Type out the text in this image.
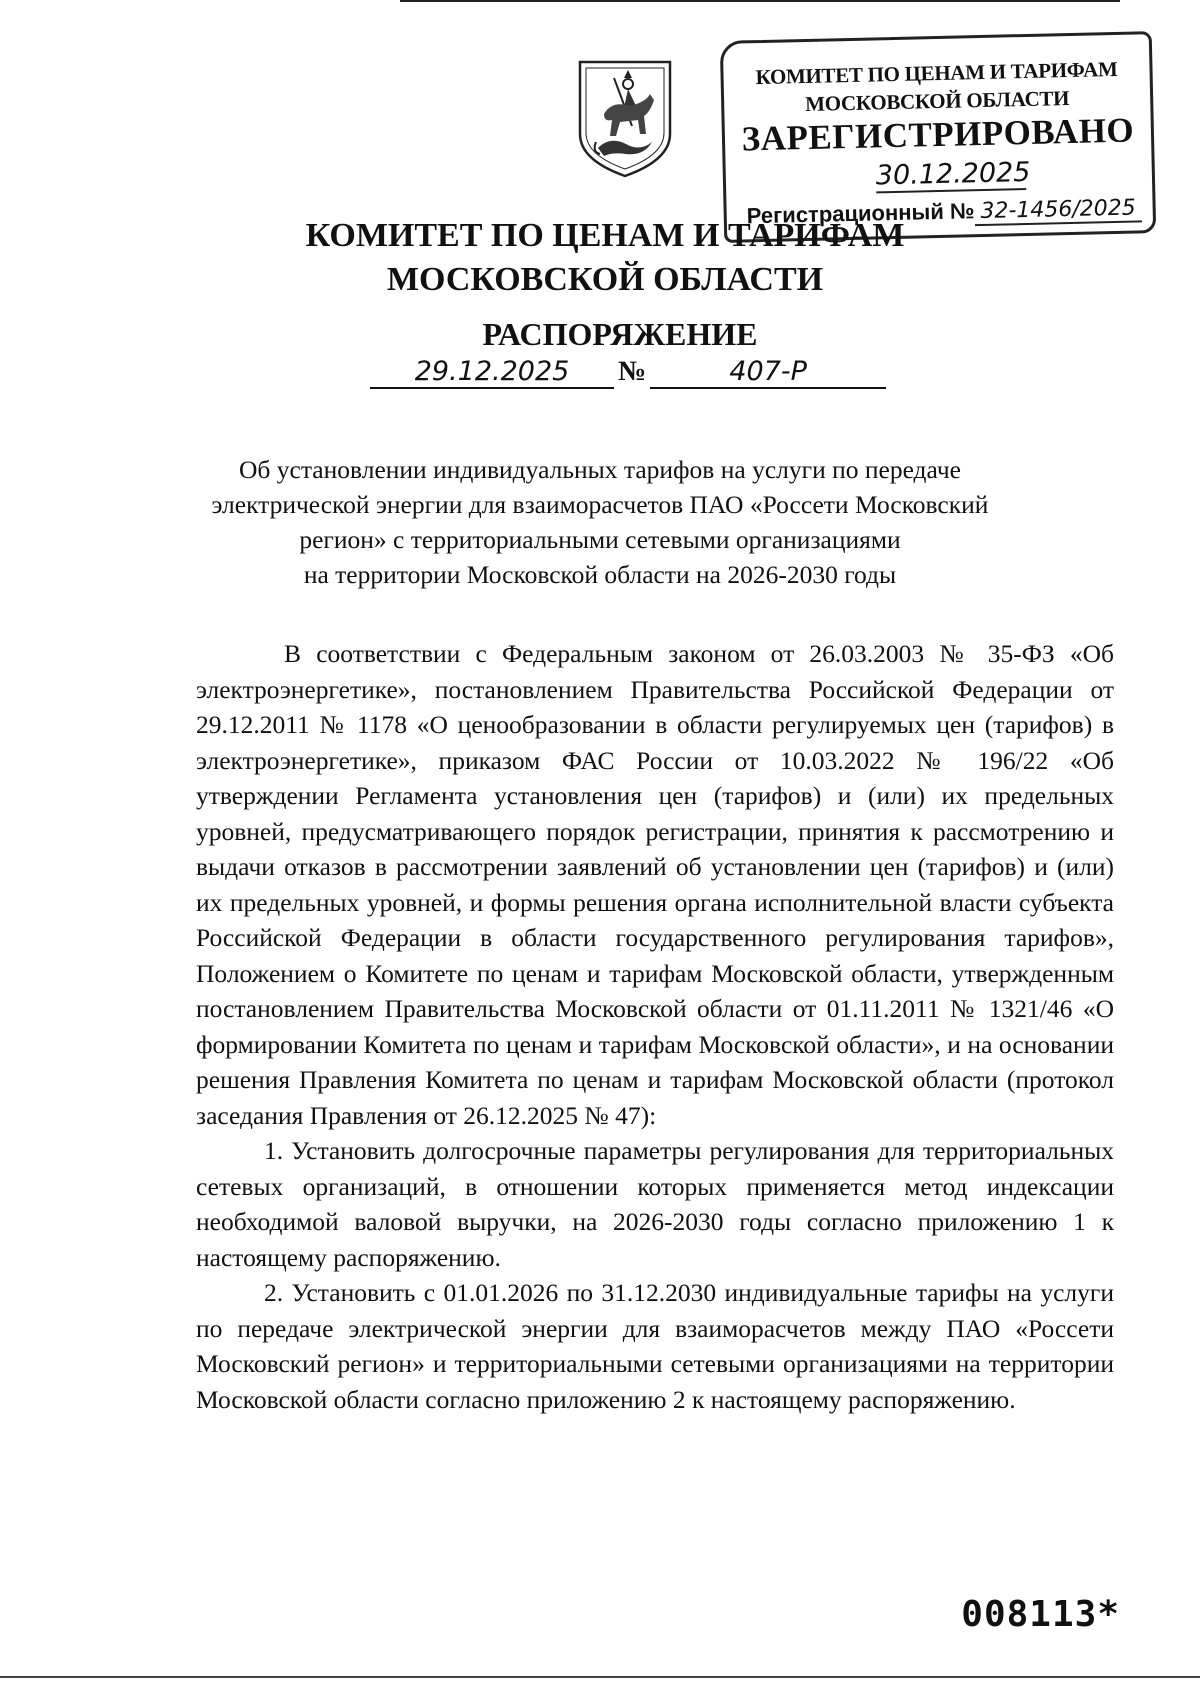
КОМИТЕТ ПО ЦЕНАМ И ТАРИФАМ
МОСКОВСКОЙ ОБЛАСТИ
ЗАРЕГИСТРИРОВАНО
30.12.2025
Регистрационный № 32-1456/2025
КОМИТЕТ ПО ЦЕНАМ И ТАРИФАМ
МОСКОВСКОЙ ОБЛАСТИ
РАСПОРЯЖЕНИЕ
29.12.2025 №	407-Р
Об установлении индивидуальных тарифов на услуги по передаче
электрической энергии для взаиморасчетов ПАО «Россети Московский
регион» с территориальными сетевыми организациями
на территории Московской области на 2026-2030 годы

В соответствии с Федеральным законом от 26.03.2003 № 35-ФЗ «Об электроэнергетике», постановлением Правительства Российской Федерации от 29.12.2011 № 1178 «О ценообразовании в области регулируемых цен (тарифов) в электроэнергетике», приказом ФАС России от 10.03.2022 № 196/22 «Об утверждении Регламента установления цен (тарифов) и (или) их предельных уровней, предусматривающего порядок регистрации, принятия к рассмотрению и выдачи отказов в рассмотрении заявлений об установлении цен (тарифов) и (или) их предельных уровней, и формы решения органа исполнительной власти субъекта Российской Федерации в области государственного регулирования тарифов», Положением о Комитете по ценам и тарифам Московской области, утвержденным постановлением Правительства Московской области от 01.11.2011 № 1321/46 «О формировании Комитета по ценам и тарифам Московской области», и на основании решения Правления Комитета по ценам и тарифам Московской области (протокол заседания Правления от 26.12.2025 № 47):

1. Установить долгосрочные параметры регулирования для территориальных сетевых организаций, в отношении которых применяется метод индексации необходимой валовой выручки, на 2026-2030 годы согласно приложению 1 к настоящему распоряжению.

2. Установить с 01.01.2026 по 31.12.2030 индивидуальные тарифы на услуги по передаче электрической энергии для взаиморасчетов между ПАО «Россети Московский регион» и территориальными сетевыми организациями на территории Московской области согласно приложению 2 к настоящему распоряжению.

008113*
